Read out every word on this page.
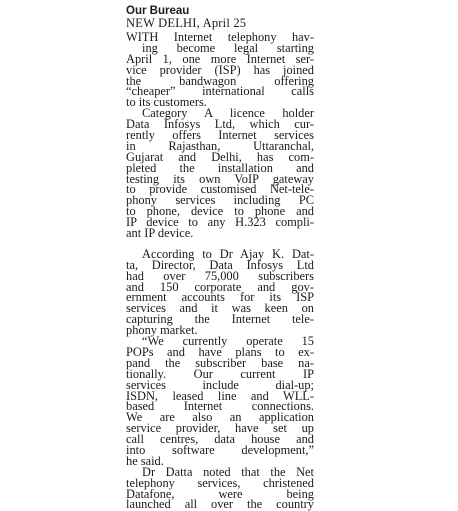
Our Bureau
NEW DELHI, April 25
WITH Internet telephony hav-
ing become legal starting
April 1, one more Internet ser-
vice provider (ISP) has joined
the bandwagon offering
“cheaper” international calls
to its customers.
Category A licence holder
Data Infosys Ltd, which cur-
rently offers Internet services
in Rajasthan, Uttaranchal,
Gujarat and Delhi, has com-
pleted the installation and
testing its own VoIP gateway
to provide customised Net-tele-
phony services including PC
to phone, device to phone and
IP device to any H.323 compli-
ant IP device.
According to Dr Ajay K. Dat-
ta, Director, Data Infosys Ltd
had over 75,000 subscribers
and 150 corporate and gov-
ernment accounts for its ISP
services and it was keen on
capturing the Internet tele-
phony market.
“We currently operate 15
POPs and have plans to ex-
pand the subscriber base na-
tionally. Our current IP
services include dial-up;
ISDN, leased line and WLL-
based Internet connections.
We are also an application
service provider, have set up
call centres, data house and
into software development,”
he said.
Dr Datta noted that the Net
telephony services, christened
Datafone, were being
launched all over the country
